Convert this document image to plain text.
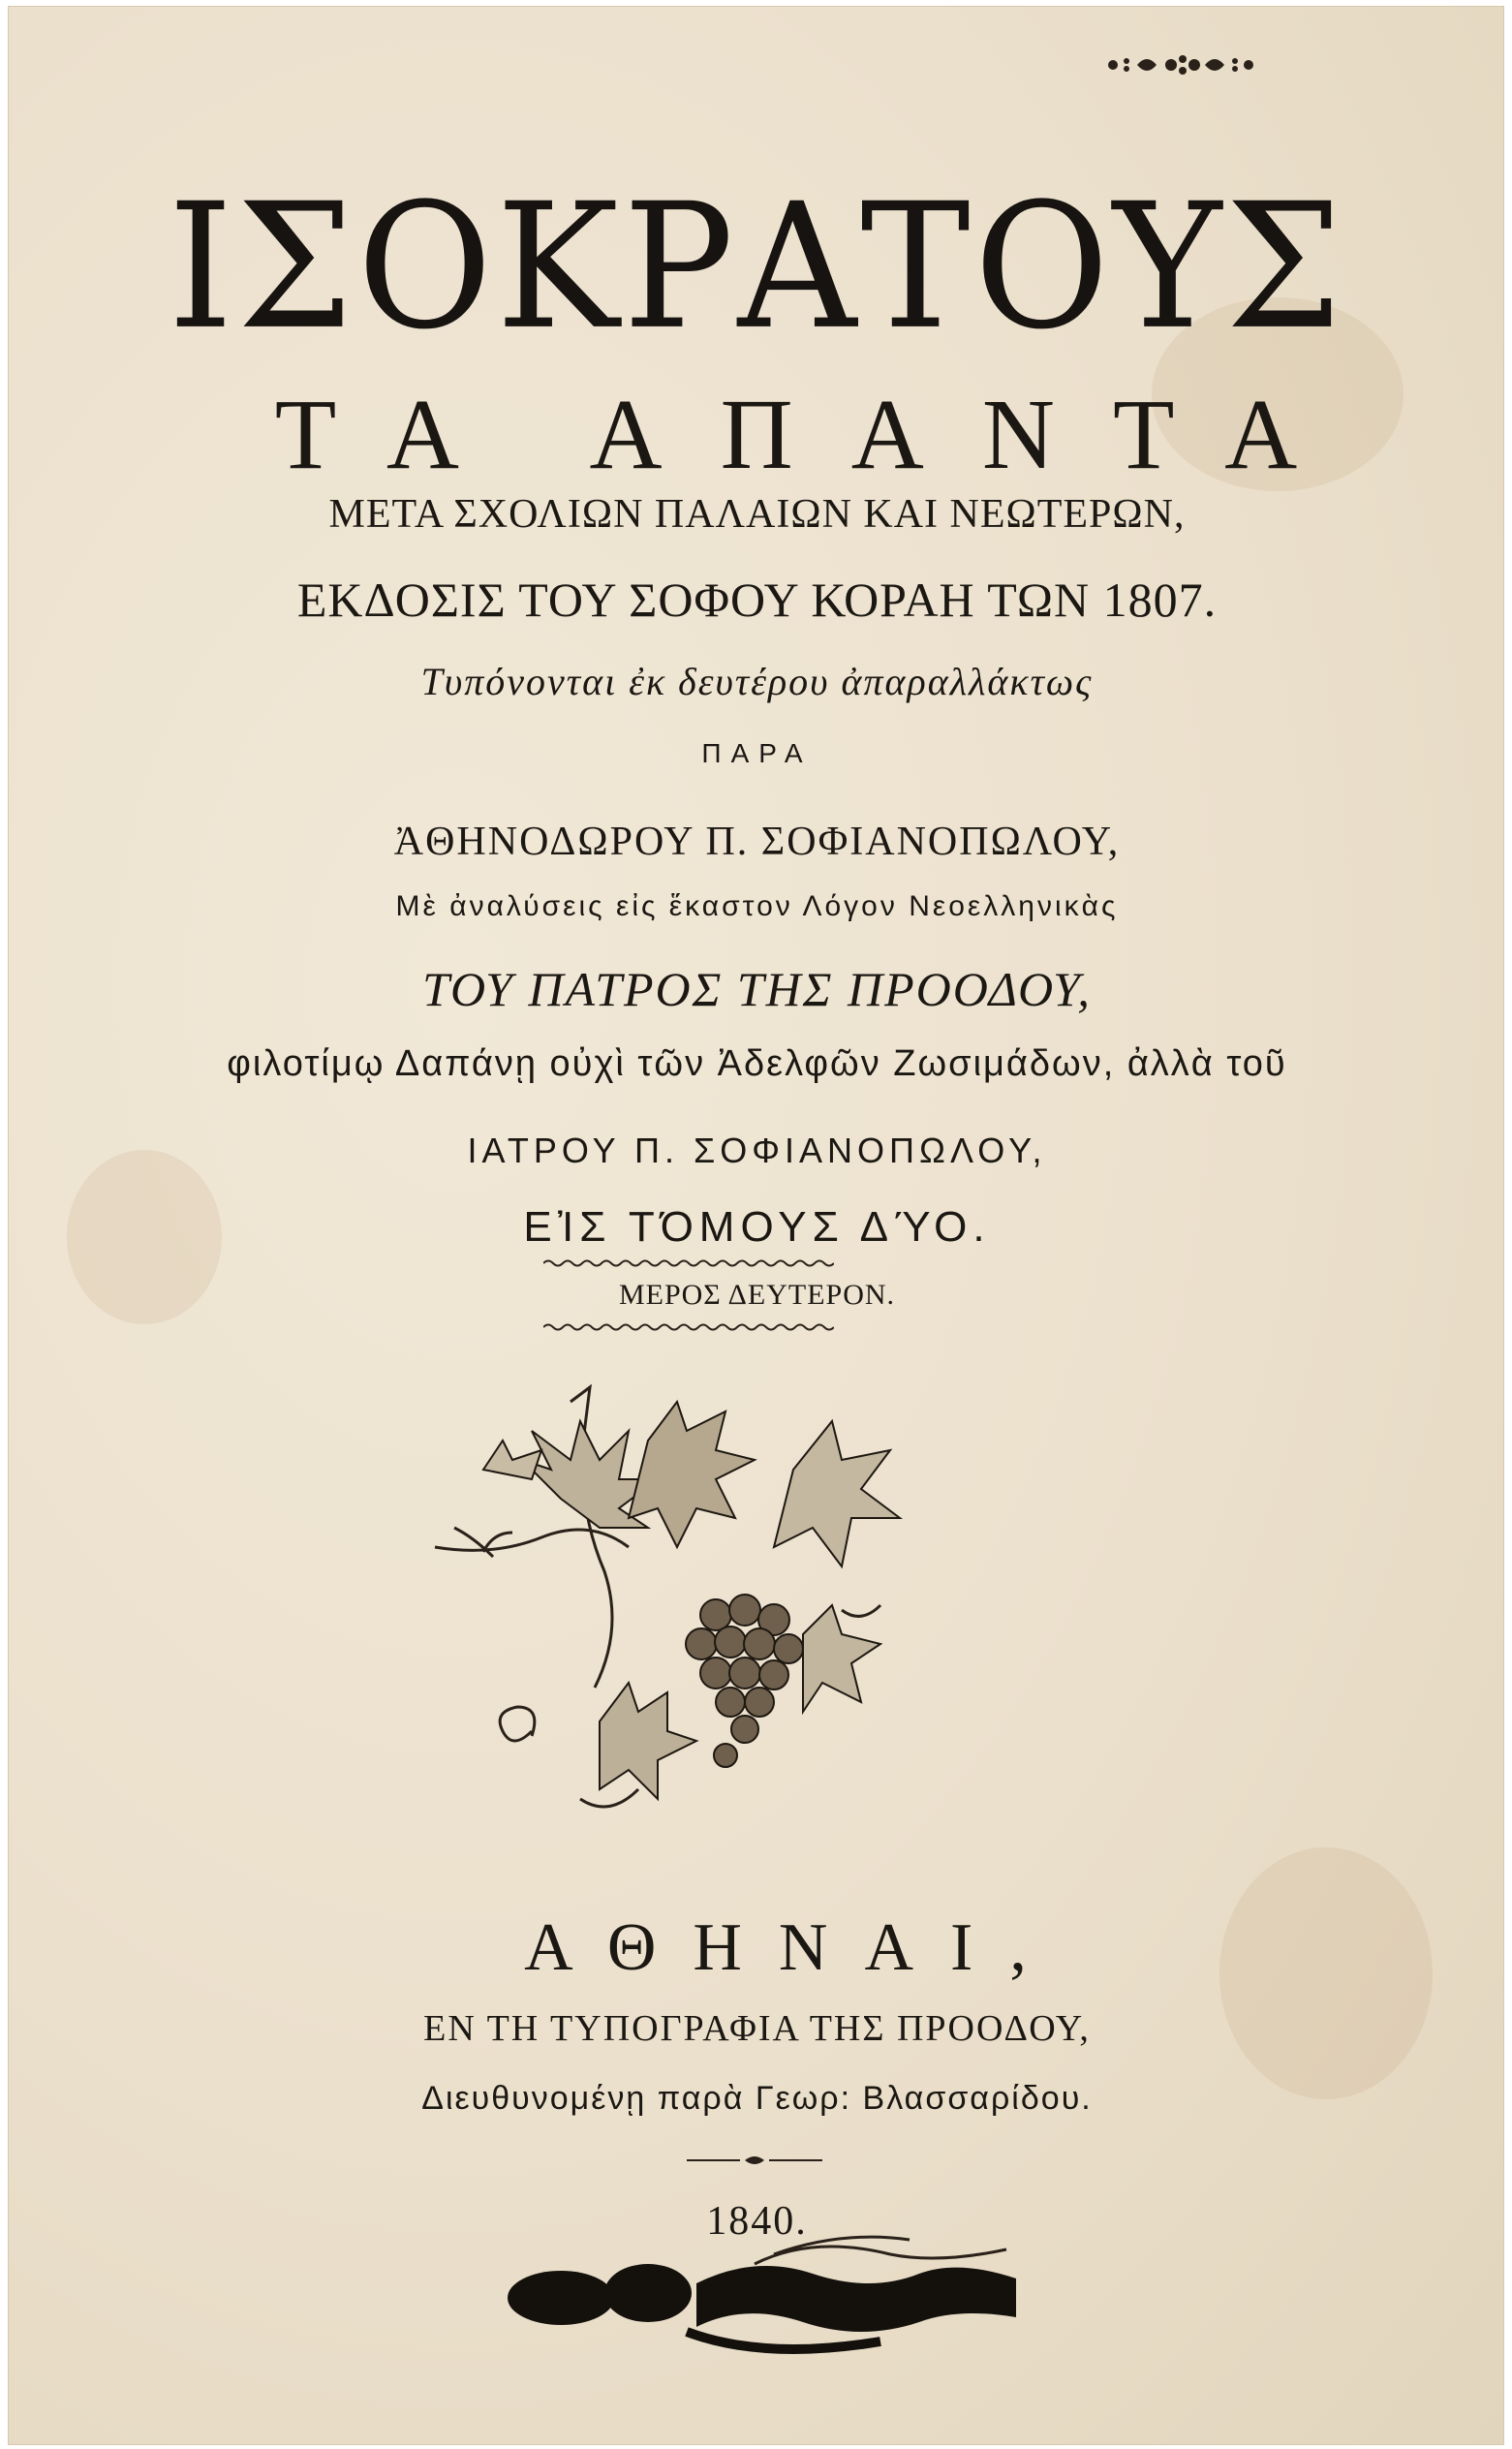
ΙΣΟΚΡΑΤΟΥΣ
ΤΑ ΑΠΑΝΤΑ
ΜΕΤΑ ΣΧΟΛΙΩΝ ΠΑΛΑΙΩΝ ΚΑΙ ΝΕΩΤΕΡΩΝ,
ΕΚΔΟΣΙΣ ΤΟΥ ΣΟΦΟΥ ΚΟΡΑΗ ΤΩΝ 1807.
Τυπόνονται ἐκ δευτέρου ἀπαραλλάκτως
ΠΑΡΑ
ἈΘΗΝΟΔΩΡΟΥ Π. ΣΟΦΙΑΝΟΠΩΛΟΥ,
Μὲ ἀναλύσεις εἰς ἕκαστον Λόγον Νεοελληνικὰς
ΤΟΥ ΠΑΤΡΟΣ ΤΗΣ ΠΡΟΟΔΟΥ,
φιλοτίμῳ Δαπάνῃ οὐχὶ τῶν Ἀδελφῶν Ζωσιμάδων, ἀλλὰ τοῦ
ΙΑΤΡΟΥ Π. ΣΟΦΙΑΝΟΠΩΛΟΥ,
ΕἸΣ ΤΌΜΟΥΣ ΔΎΟ.
ΜΕΡΟΣ ΔΕΥΤΕΡΟΝ.
ΑΘΗΝΑΙ,
ΕΝ ΤΗ ΤΥΠΟΓΡΑΦΙΑ ΤΗΣ ΠΡΟΟΔΟΥ,
Διευθυνομένῃ παρὰ Γεωρ: Βλασσαρίδου.
1840.
